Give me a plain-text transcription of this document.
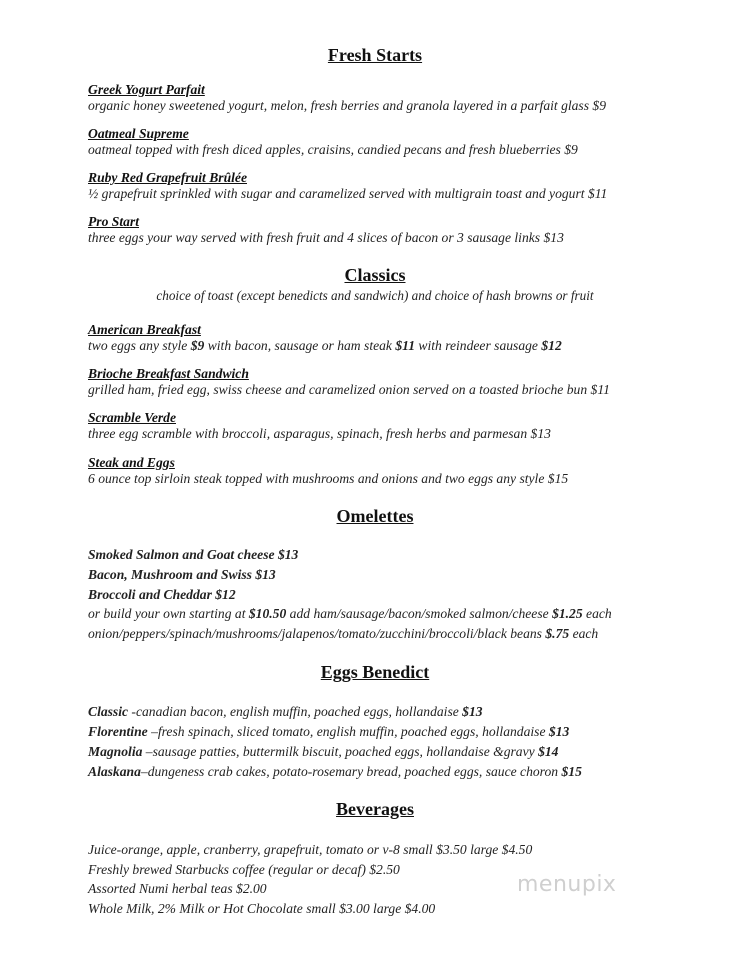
Fresh Starts
Greek Yogurt Parfait
organic honey sweetened yogurt, melon, fresh berries and granola layered in a parfait glass $9
Oatmeal Supreme
oatmeal topped with fresh diced apples, craisins, candied pecans and fresh blueberries $9
Ruby Red Grapefruit Brûlée
½ grapefruit sprinkled with sugar and caramelized served with multigrain toast and yogurt $11
Pro Start
three eggs your way served with fresh fruit and 4 slices of bacon or 3 sausage links $13
Classics
choice of toast (except benedicts and sandwich) and choice of hash browns or fruit
American Breakfast
two eggs any style $9 with bacon, sausage or ham steak $11 with reindeer sausage $12
Brioche Breakfast Sandwich
grilled ham, fried egg, swiss cheese and caramelized onion served on a toasted brioche bun $11
Scramble Verde
three egg scramble with broccoli, asparagus, spinach, fresh herbs and parmesan $13
Steak and Eggs
6 ounce top sirloin steak topped with mushrooms and onions and two eggs any style $15
Omelettes
Smoked Salmon and Goat cheese $13
Bacon, Mushroom and Swiss $13
Broccoli and Cheddar $12
or build your own starting at $10.50 add ham/sausage/bacon/smoked salmon/cheese $1.25 each
onion/peppers/spinach/mushrooms/jalapenos/tomato/zucchini/broccoli/black beans $.75 each
Eggs Benedict
Classic -canadian bacon, english muffin, poached eggs, hollandaise $13
Florentine –fresh spinach, sliced tomato, english muffin, poached eggs, hollandaise $13
Magnolia –sausage patties, buttermilk biscuit, poached eggs, hollandaise &gravy $14
Alaskana–dungeness crab cakes, potato-rosemary bread, poached eggs, sauce choron $15
Beverages
Juice-orange, apple, cranberry, grapefruit, tomato or v-8 small $3.50 large $4.50
Freshly brewed Starbucks coffee (regular or decaf) $2.50
Assorted Numi herbal teas $2.00
Whole Milk, 2% Milk or Hot Chocolate small $3.00 large $4.00
menupix
